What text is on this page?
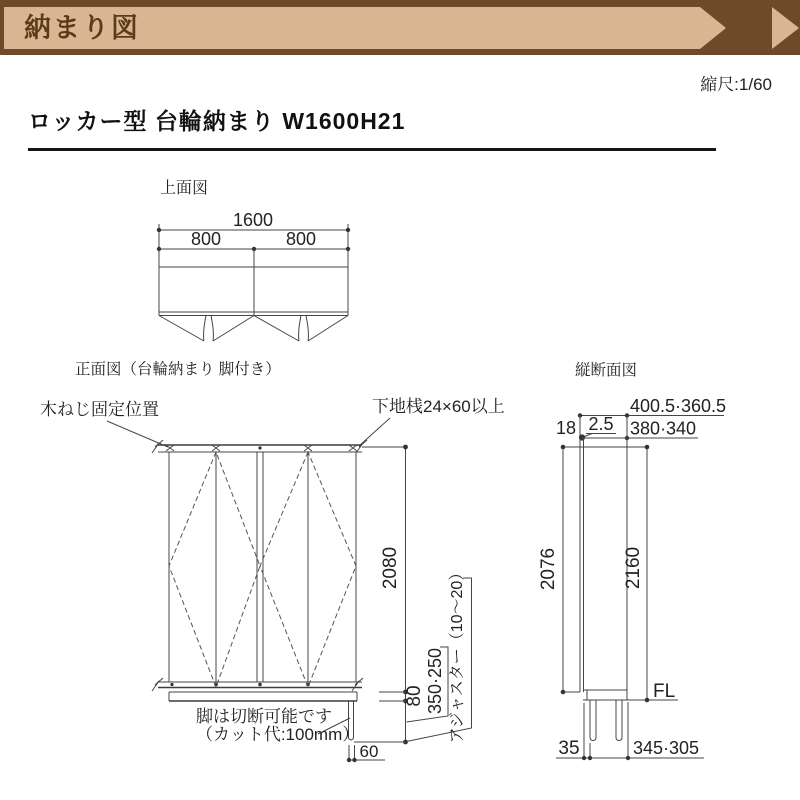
納まり図
縮尺:1/60
ロッカー型 台輪納まり W1600H21
上面図
1600
800	800
正面図（台輪納まり 脚付き）
木ねじ固定位置	下地桟24×60以上
2080
80 350·250 アジャスター（10～20）
60
脚は切断可能です
（カット代:100mm）
縦断面図
400.5·360.5
18 2.5 380·340
FL
2076	2160
35	345·305
